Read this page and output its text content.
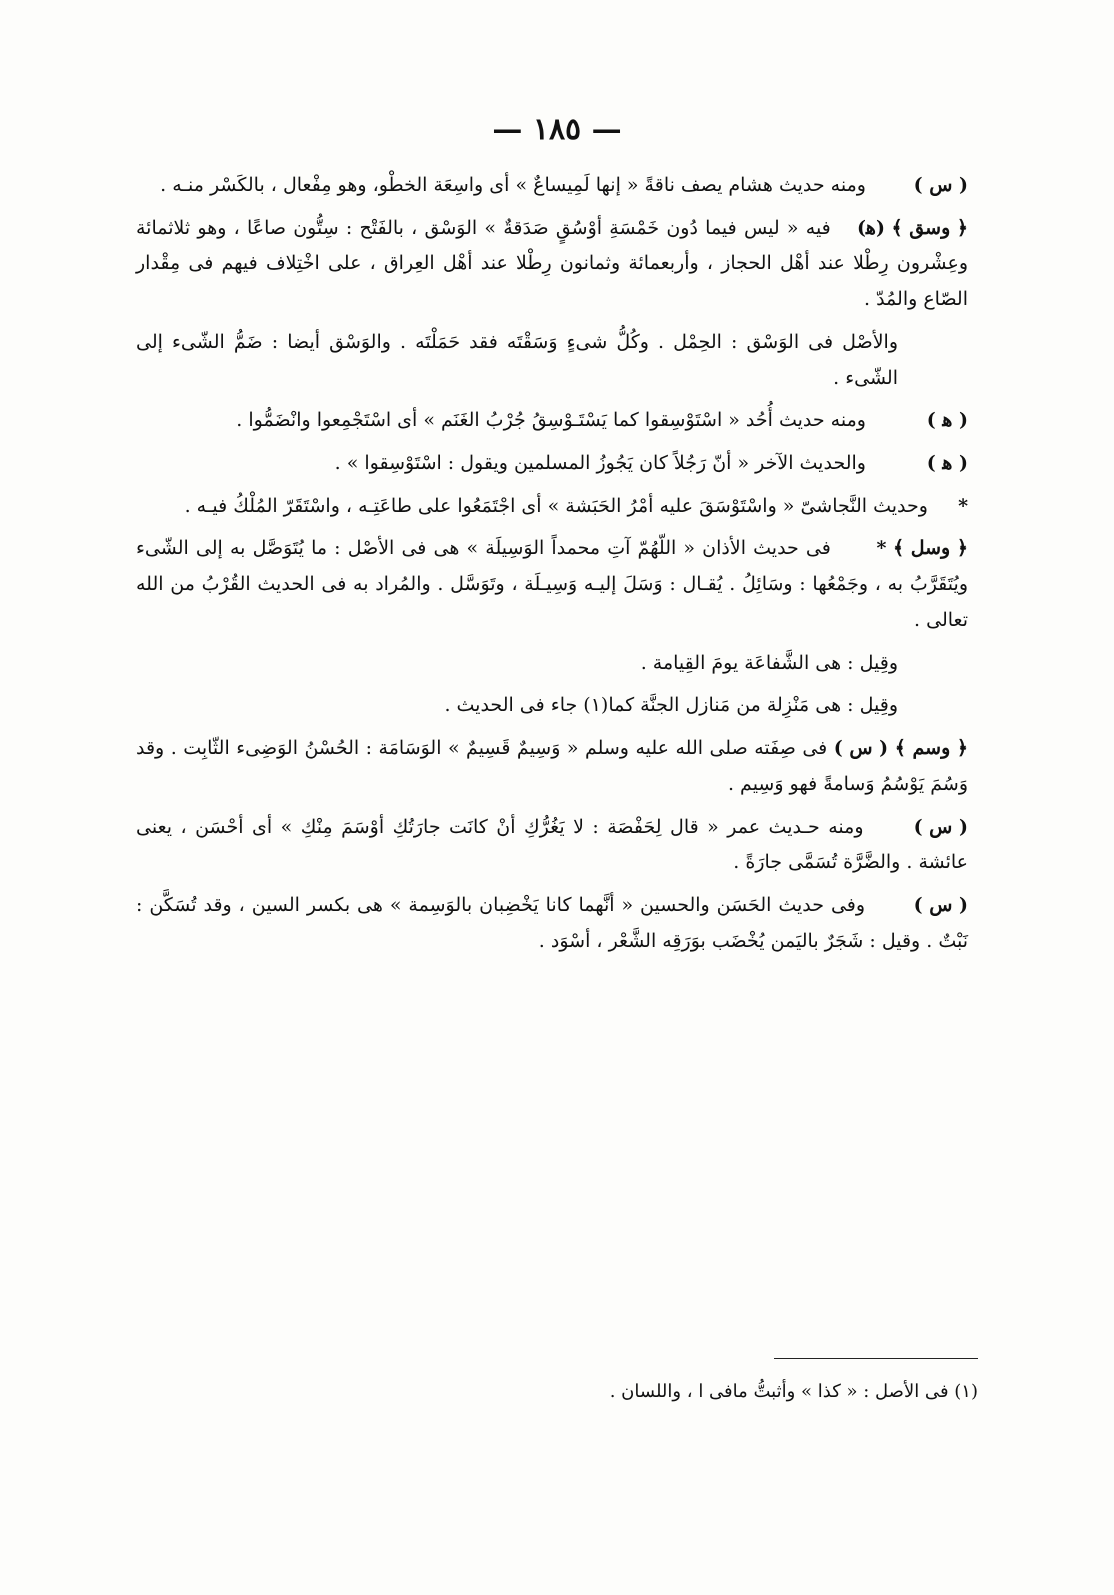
— ١٨٥ —

( س ) ومنه حديث هشام يصف ناقةً « إنها لَمِيساعٌ » أى واسِعَة الخطْو، وهو مِفْعال ، بالكَسْر منـه .

﴿ وسق ﴾ (ﻫ) فيه « ليس فيما دُون خَمْسَةِ أوْسُقٍ صَدَقةٌ » الوَسْق ، بالفَتْح : سِتُّون صاعًا ، وهو ثلاثمائة وعِشْرون رِطْلا عند أهْل الحجاز ، وأربعمائة وثمانون رِطْلا عند أهْل العِراق ، على اخْتِلاف فيهم فى مِقْدار الصّاع والمُدّ .

والأصْل فى الوَسْق : الحِمْل . وكُلُّ شىءٍ وَسَقْتَه فقد حَمَلْتَه . والوَسْق أيضا : ضَمُّ الشّىء إلى الشّىء .

( ﻫ ) ومنه حديث أُحُد « اسْتَوْسِقوا كما يَسْتَـوْسِقُ جُرْبُ الغَنَم » أى اسْتَجْمِعوا وانْضَمُّوا .

( ﻫ ) والحديث الآخر « أنّ رَجُلاً كان يَجُوزُ المسلمين ويقول : اسْتَوْسِقوا » .

* وحديث النَّجاشىّ « واسْتَوْسَقَ عليه أمْرُ الحَبَشة » أى اجْتَمَعُوا على طاعَتِـه ، واسْتَقَرّ المُلْكُ فيـه .

﴿ وسل ﴾ * فى حديث الأذان « اللّهُمّ آتِ محمداً الوَسِيلَة » هى فى الأصْل : ما يُتَوَصَّل به إلى الشّىء ويُتَقَرَّبُ به ، وجَمْعُها : وسَائِلُ . يُقـال : وَسَلَ إليـه وَسِيـلَة ، وتَوَسَّل . والمُراد به فى الحديث القُرْبُ من الله تعالى .

وقِيل : هى الشَّفاعَة يومَ القِيامة .

وقِيل : هى مَنْزِلة من مَنازل الجنَّة كما(١) جاء فى الحديث .

﴿ وسم ﴾ ( س ) فى صِفَته صلى الله عليه وسلم « وَسِيمٌ قَسِيمٌ » الوَسَامَة : الحُسْنُ الوَضِىء الثّابِت . وقد وَسُمَ يَوْسُمُ وَسامةً فهو وَسِيم .

( س ) ومنه حـديث عمر « قال لِحَفْصَة : لا يَغُرُّكِ أنْ كانَت جارَتُكِ أوْسَمَ مِنْكِ » أى أحْسَن ، يعنى عائشة . والضَّرَّة تُسَمَّى جارَةً .

( س ) وفى حديث الحَسَن والحسين « أنَّهما كانا يَخْضِبان بالوَسِمة » هى بكسر السين ، وقد تُسَكَّن : نَبْتٌ . وقيل : شَجَرٌ باليَمن يُخْضَب بوَرَقِه الشَّعْر ، أسْوَد .

(١) فى الأصل : « كذا » وأثبتُّ مافى ا ، واللسان .
